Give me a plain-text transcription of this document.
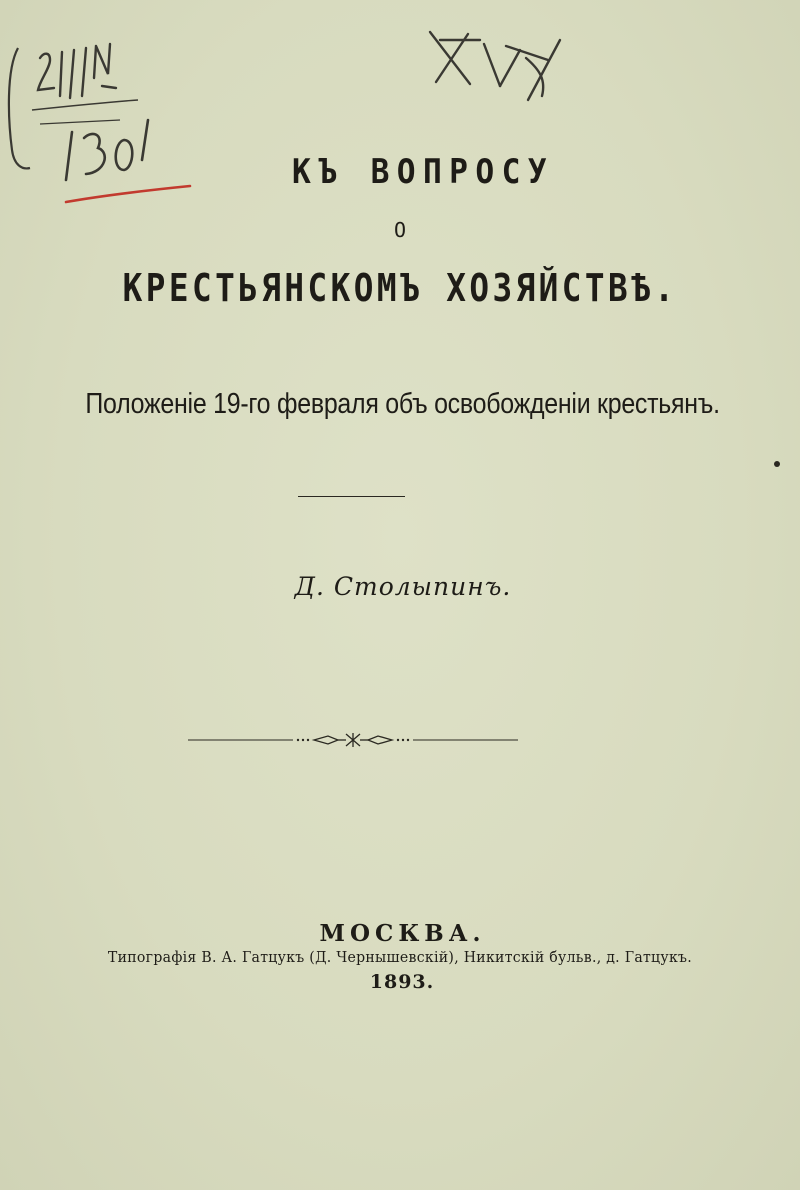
КЪ ВОПРОСУ
О
КРЕСТЬЯНСКОМЪ ХОЗЯЙСТВѢ.
Положеніе 19-го февраля объ освобожденіи крестьянъ.
Д. Столыпинъ.
МОСКВА.
Типографія В. А. Гатцукъ (Д. Чернышевскій), Никитскій бульв., д. Гатцукъ.
1893.
